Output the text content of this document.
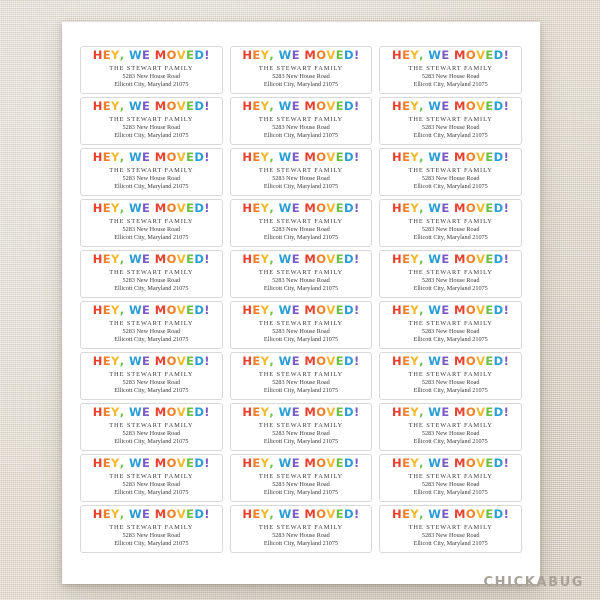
HEY, WE MOVED!
THE STEWART FAMILY
5283 New House Road
Ellicott City, Maryland 21075
HEY, WE MOVED!
THE STEWART FAMILY
5283 New House Road
Ellicott City, Maryland 21075
HEY, WE MOVED!
THE STEWART FAMILY
5283 New House Road
Ellicott City, Maryland 21075
HEY, WE MOVED!
THE STEWART FAMILY
5283 New House Road
Ellicott City, Maryland 21075
HEY, WE MOVED!
THE STEWART FAMILY
5283 New House Road
Ellicott City, Maryland 21075
HEY, WE MOVED!
THE STEWART FAMILY
5283 New House Road
Ellicott City, Maryland 21075
HEY, WE MOVED!
THE STEWART FAMILY
5283 New House Road
Ellicott City, Maryland 21075
HEY, WE MOVED!
THE STEWART FAMILY
5283 New House Road
Ellicott City, Maryland 21075
HEY, WE MOVED!
THE STEWART FAMILY
5283 New House Road
Ellicott City, Maryland 21075
HEY, WE MOVED!
THE STEWART FAMILY
5283 New House Road
Ellicott City, Maryland 21075
HEY, WE MOVED!
THE STEWART FAMILY
5283 New House Road
Ellicott City, Maryland 21075
HEY, WE MOVED!
THE STEWART FAMILY
5283 New House Road
Ellicott City, Maryland 21075
HEY, WE MOVED!
THE STEWART FAMILY
5283 New House Road
Ellicott City, Maryland 21075
HEY, WE MOVED!
THE STEWART FAMILY
5283 New House Road
Ellicott City, Maryland 21075
HEY, WE MOVED!
THE STEWART FAMILY
5283 New House Road
Ellicott City, Maryland 21075
HEY, WE MOVED!
THE STEWART FAMILY
5283 New House Road
Ellicott City, Maryland 21075
HEY, WE MOVED!
THE STEWART FAMILY
5283 New House Road
Ellicott City, Maryland 21075
HEY, WE MOVED!
THE STEWART FAMILY
5283 New House Road
Ellicott City, Maryland 21075
HEY, WE MOVED!
THE STEWART FAMILY
5283 New House Road
Ellicott City, Maryland 21075
HEY, WE MOVED!
THE STEWART FAMILY
5283 New House Road
Ellicott City, Maryland 21075
HEY, WE MOVED!
THE STEWART FAMILY
5283 New House Road
Ellicott City, Maryland 21075
HEY, WE MOVED!
THE STEWART FAMILY
5283 New House Road
Ellicott City, Maryland 21075
HEY, WE MOVED!
THE STEWART FAMILY
5283 New House Road
Ellicott City, Maryland 21075
HEY, WE MOVED!
THE STEWART FAMILY
5283 New House Road
Ellicott City, Maryland 21075
HEY, WE MOVED!
THE STEWART FAMILY
5283 New House Road
Ellicott City, Maryland 21075
HEY, WE MOVED!
THE STEWART FAMILY
5283 New House Road
Ellicott City, Maryland 21075
HEY, WE MOVED!
THE STEWART FAMILY
5283 New House Road
Ellicott City, Maryland 21075
HEY, WE MOVED!
THE STEWART FAMILY
5283 New House Road
Ellicott City, Maryland 21075
HEY, WE MOVED!
THE STEWART FAMILY
5283 New House Road
Ellicott City, Maryland 21075
HEY, WE MOVED!
THE STEWART FAMILY
5283 New House Road
Ellicott City, Maryland 21075
CHICKABUG
